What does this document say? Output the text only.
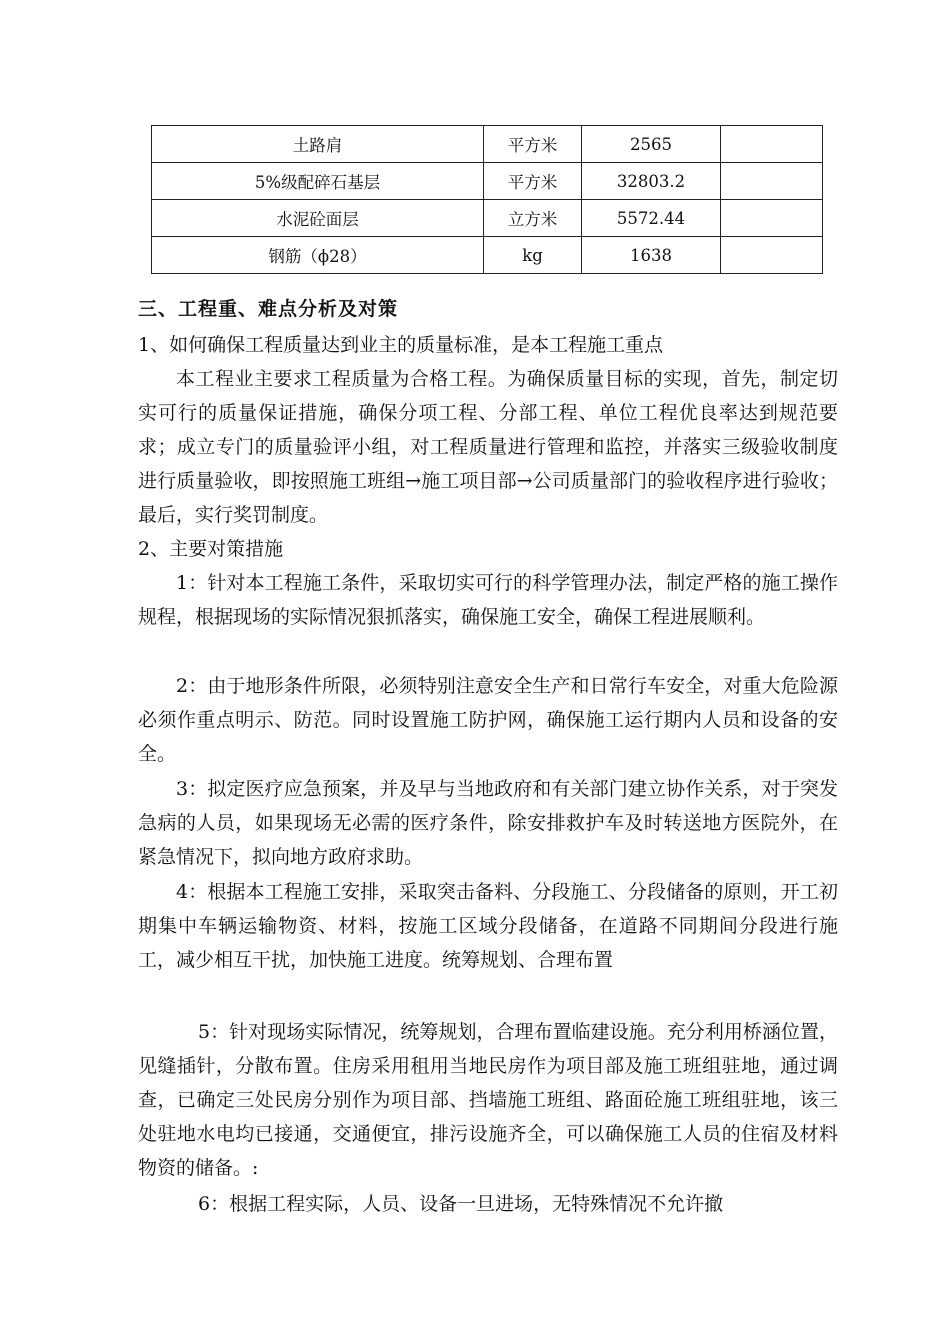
土路肩	平方米	2565	
5%级配碎石基层	平方米	32803.2	
水泥砼面层	立方米	5572.44	
钢筋（ϕ28）	kg	1638	
三、工程重、难点分析及对策
1、如何确保工程质量达到业主的质量标准，是本工程施工重点
本工程业主要求工程质量为合格工程。为确保质量目标的实现，首先，制定切实可行的质量保证措施，确保分项工程、分部工程、单位工程优良率达到规范要求；成立专门的质量验评小组，对工程质量进行管理和监控，并落实三级验收制度进行质量验收，即按照施工班组→施工项目部→公司质量部门的验收程序进行验收；最后，实行奖罚制度。
2、主要对策措施
1：针对本工程施工条件，采取切实可行的科学管理办法，制定严格的施工操作规程，根据现场的实际情况狠抓落实，确保施工安全，确保工程进展顺利。
2：由于地形条件所限，必须特别注意安全生产和日常行车安全，对重大危险源必须作重点明示、防范。同时设置施工防护网，确保施工运行期内人员和设备的安全。
3：拟定医疗应急预案，并及早与当地政府和有关部门建立协作关系，对于突发急病的人员，如果现场无必需的医疗条件，除安排救护车及时转送地方医院外，在紧急情况下，拟向地方政府求助。
4：根据本工程施工安排，采取突击备料、分段施工、分段储备的原则，开工初期集中车辆运输物资、材料，按施工区域分段储备，在道路不同期间分段进行施工，减少相互干扰，加快施工进度。统筹规划、合理布置
5：针对现场实际情况，统筹规划，合理布置临建设施。充分利用桥涵位置，见缝插针，分散布置。住房采用租用当地民房作为项目部及施工班组驻地，通过调查，已确定三处民房分别作为项目部、挡墙施工班组、路面砼施工班组驻地，该三处驻地水电均已接通，交通便宜，排污设施齐全，可以确保施工人员的住宿及材料物资的储备。:
6：根据工程实际，人员、设备一旦进场，无特殊情况不允许撤
